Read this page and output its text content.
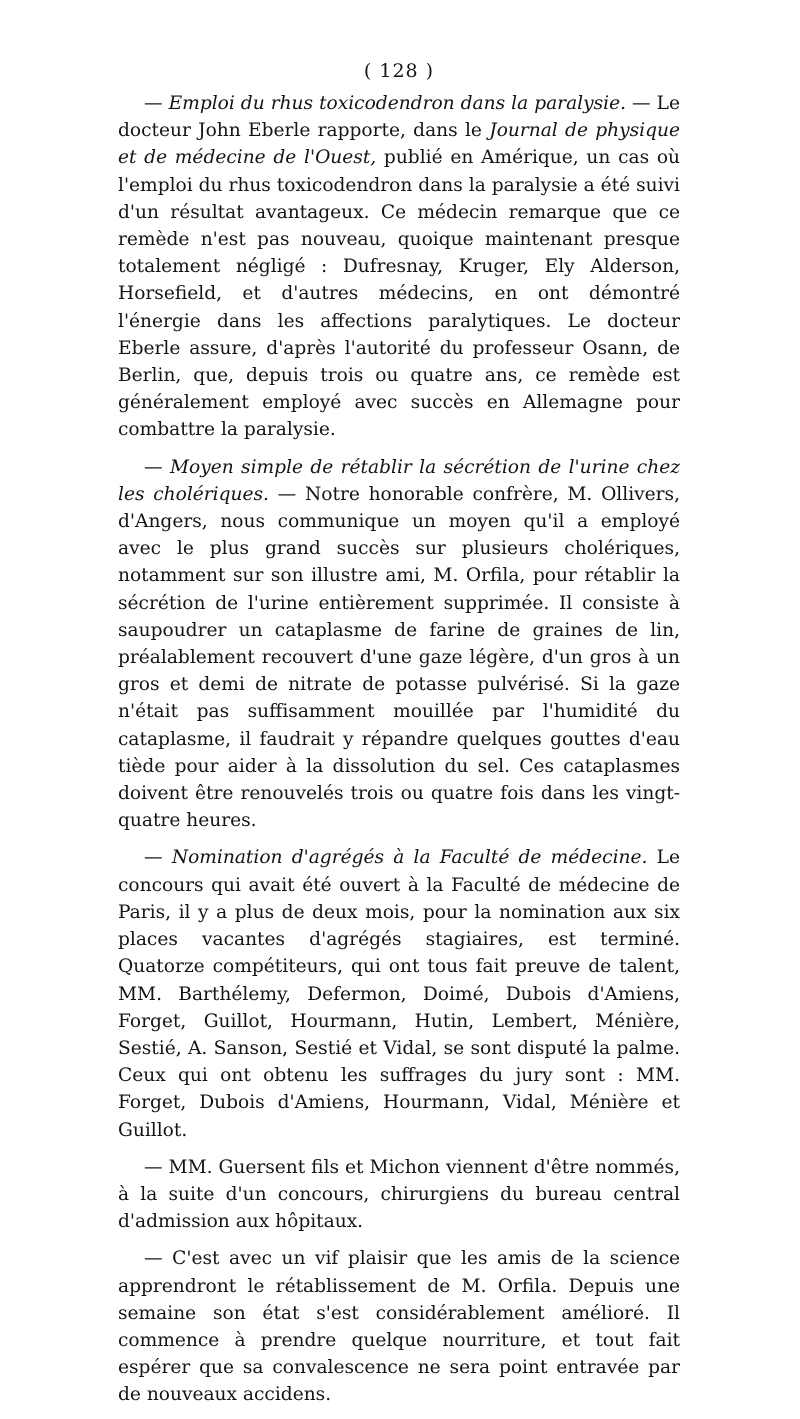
( 128 )

— Emploi du rhus toxicodendron dans la paralysie. — Le docteur John Eberle rapporte, dans le Journal de physique et de médecine de l'Ouest, publié en Amérique, un cas où l'emploi du rhus toxicodendron dans la paralysie a été suivi d'un résultat avantageux. Ce médecin remarque que ce remède n'est pas nouveau, quoique maintenant presque totalement négligé : Dufresnay, Kruger, Ely Alderson, Horsefield, et d'autres médecins, en ont démontré l'énergie dans les affections paralytiques. Le docteur Eberle assure, d'après l'autorité du professeur Osann, de Berlin, que, depuis trois ou quatre ans, ce remède est généralement employé avec succès en Allemagne pour combattre la paralysie.

— Moyen simple de rétablir la sécrétion de l'urine chez les cholériques. — Notre honorable confrère, M. Ollivers, d'Angers, nous communique un moyen qu'il a employé avec le plus grand succès sur plusieurs cholériques, notamment sur son illustre ami, M. Orfila, pour rétablir la sécrétion de l'urine entièrement supprimée. Il consiste à saupoudrer un cataplasme de farine de graines de lin, préalablement recouvert d'une gaze légère, d'un gros à un gros et demi de nitrate de potasse pulvérisé. Si la gaze n'était pas suffisamment mouillée par l'humidité du cataplasme, il faudrait y répandre quelques gouttes d'eau tiède pour aider à la dissolution du sel. Ces cataplasmes doivent être renouvelés trois ou quatre fois dans les vingt-quatre heures.

— Nomination d'agrégés à la Faculté de médecine. Le concours qui avait été ouvert à la Faculté de médecine de Paris, il y a plus de deux mois, pour la nomination aux six places vacantes d'agrégés stagiaires, est terminé. Quatorze compétiteurs, qui ont tous fait preuve de talent, MM. Barthélemy, Defermon, Doimé, Dubois d'Amiens, Forget, Guillot, Hourmann, Hutin, Lembert, Ménière, Sestié, A. Sanson, Sestié et Vidal, se sont disputé la palme. Ceux qui ont obtenu les suffrages du jury sont : MM. Forget, Dubois d'Amiens, Hourmann, Vidal, Ménière et Guillot.

— MM. Guersent fils et Michon viennent d'être nommés, à la suite d'un concours, chirurgiens du bureau central d'admission aux hôpitaux.

— C'est avec un vif plaisir que les amis de la science apprendront le rétablissement de M. Orfila. Depuis une semaine son état s'est considérablement amélioré. Il commence à prendre quelque nourriture, et tout fait espérer que sa convalescence ne sera point entravée par de nouveaux accidens.
